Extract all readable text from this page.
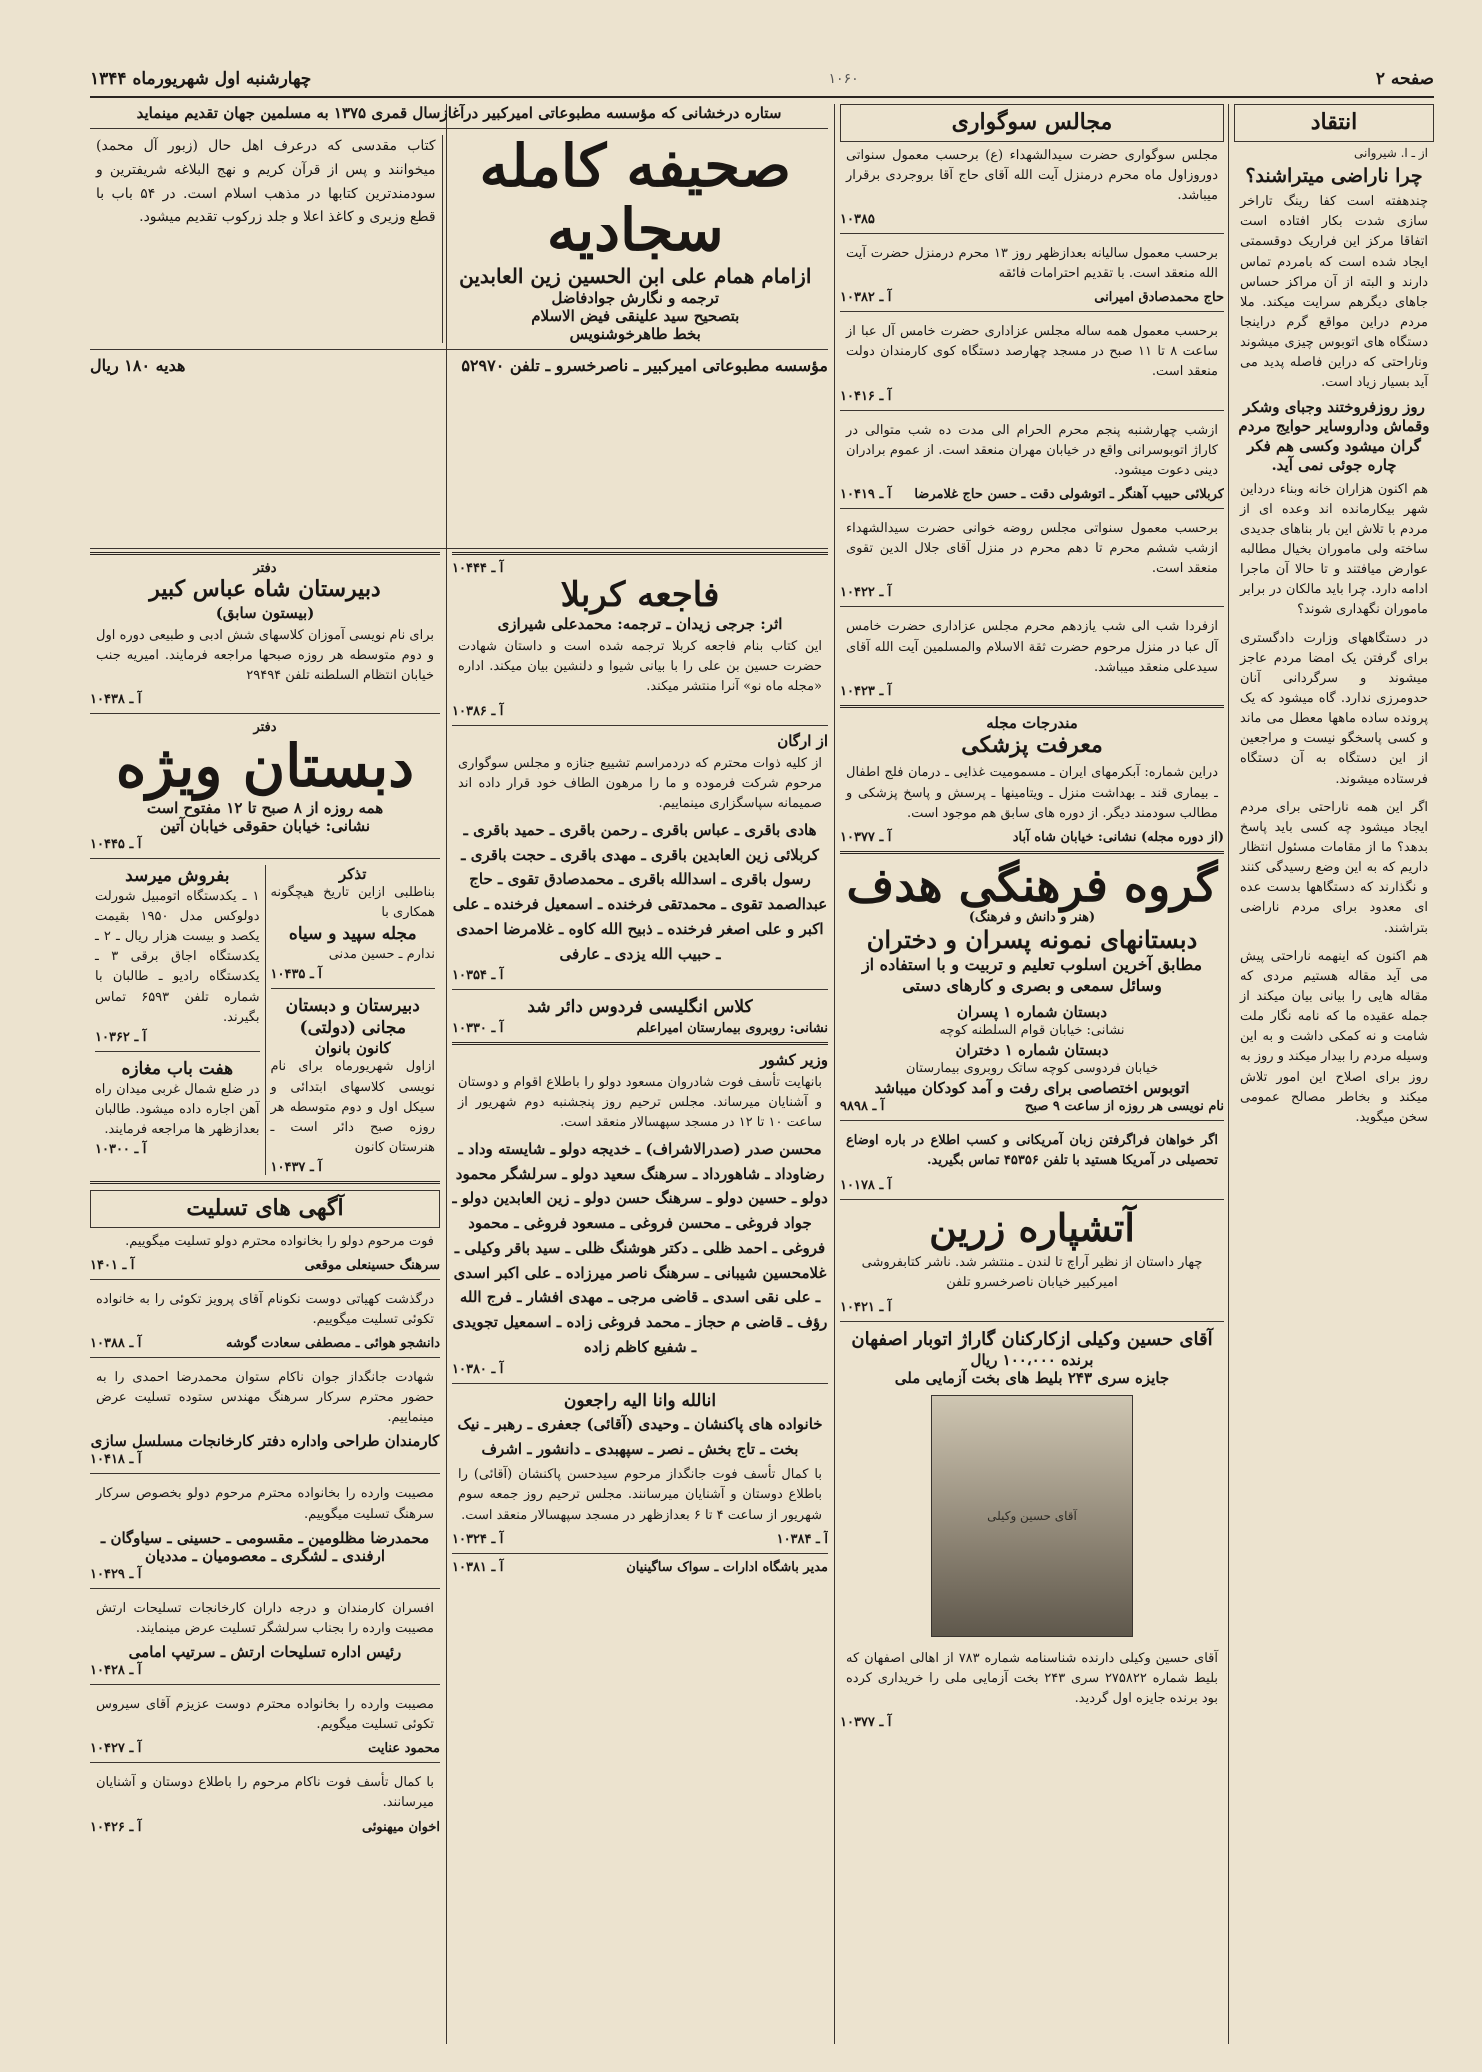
صفحه ۲
۱۰۶۰
چهارشنبه اول شهریورماه ۱۳۴۴
انتقاد
از ـ ا. شیروانی
چرا ناراضی میتراشند؟
چندهفته است کفا رینگ تاراخر سازی شدت بکار افتاده است اتفاقا مرکز این فراریک دوقسمتی ایجاد شده است که بامردم تماس دارند و البته از آن مراکز حساس جاهای دیگرهم سرایت میکند. ملا مردم دراین مواقع گرم دراینجا دستگاه های اتوبوس چیزی میشوند وناراحتی که دراین فاصله پدید می آید بسیار زیاد است.
روز روزفروختند وجبای وشکر وقماش وداروسایر حوایج مردم گران میشود وکسی هم فکر چاره جوئی نمی آید.
هم اکنون هزاران خانه وبناء درداین شهر بیکارمانده اند وعده ای از مردم با تلاش این بار بناهای جدیدی ساخته ولی ماموران بخیال مطالبه عوارض میافتند و تا حالا آن ماجرا ادامه دارد. چرا باید مالکان در برابر ماموران نگهداری شوند؟
در دستگاههای وزارت دادگستری برای گرفتن یک امضا مردم عاجز میشوند و سرگردانی آنان حدومرزی ندارد. گاه میشود که یک پرونده ساده ماهها معطل می ماند و کسی پاسخگو نیست و مراجعین از این دستگاه به آن دستگاه فرستاده میشوند.
اگر این همه ناراحتی برای مردم ایجاد میشود چه کسی باید پاسخ بدهد؟ ما از مقامات مسئول انتظار داریم که به این وضع رسیدگی کنند و نگذارند که دستگاهها بدست عده ای معدود برای مردم ناراضی بتراشند.
هم اکنون که اینهمه ناراحتی پیش می آید مقاله هستیم مردی که مقاله هایی را بیانی بیان میکند از جمله عقیده ما که نامه نگار ملت شامت و نه کمکی داشت و به این وسیله مردم را بیدار میکند و روز به روز برای اصلاح این امور تلاش میکند و بخاطر مصالح عمومی سخن میگوید.
مجالس سوگواری
مجلس سوگواری حضرت سیدالشهداء (ع) برحسب معمول سنواتی دوروزاول ماه محرم درمنزل آیت الله آقای حاج آقا بروجردی برقرار میباشد.
۱۰۳۸۵
برحسب معمول سالیانه بعدازظهر روز ۱۳ محرم درمنزل حضرت آیت الله منعقد است. با تقدیم احترامات فائقه
حاج محمدصادق امیرانی
آ ـ ۱۰۳۸۲
برحسب معمول همه ساله مجلس عزاداری حضرت خامس آل عبا از ساعت ۸ تا ۱۱ صبح در مسجد چهارصد دستگاه کوی کارمندان دولت منعقد است.
آ ـ ۱۰۴۱۶
ازشب چهارشنبه پنجم محرم الحرام الی مدت ده شب متوالی در کاراژ اتوبوسرانی واقع در خیابان مهران منعقد است. از عموم برادران دینی دعوت میشود.
کربلائی حبیب آهنگر ـ اتوشولی دقت ـ حسن حاج غلامرضا
آ ـ ۱۰۴۱۹
برحسب معمول سنواتی مجلس روضه خوانی حضرت سیدالشهداء ازشب ششم محرم تا دهم محرم در منزل آقای جلال الدین تقوی منعقد است.
آ ـ ۱۰۴۲۲
ازفردا شب الی شب یازدهم محرم مجلس عزاداری حضرت خامس آل عبا در منزل مرحوم حضرت ثقة الاسلام والمسلمین آیت الله آقای سیدعلی منعقد میباشد.
آ ـ ۱۰۴۲۳
مندرجات مجله
معرفت پزشکی
دراین شماره: آبکرمهای ایران ـ مسمومیت غذایی ـ درمان فلج اطفال ـ بیماری قند ـ بهداشت منزل ـ ویتامینها ـ پرسش و پاسخ پزشکی و مطالب سودمند دیگر. از دوره های سابق هم موجود است.
(از دوره مجله) نشانی: خیابان شاه آباد
آ ـ ۱۰۳۷۷
گروه فرهنگی هدف
(هنر و دانش و فرهنگ)
دبستانهای نمونه پسران و دختران
مطابق آخرین اسلوب تعلیم و تربیت و با استفاده از وسائل سمعی و بصری و کارهای دستی
دبستان شماره ۱ پسران
نشانی: خیابان قوام السلطنه کوچه
دبستان شماره ۱ دختران
خیابان فردوسی کوچه ساتک روبروی بیمارستان
اتوبوس اختصاصی برای رفت و آمد کودکان میباشد
نام نویسی هر روزه از ساعت ۹ صبح
آ ـ ۹۸۹۸
اگر خواهان فراگرفتن زبان آمریکانی و کسب اطلاع در باره اوضاع تحصیلی در آمریکا هستید با تلفن ۴۵۳۵۶ تماس بگیرید.
آ ـ ۱۰۱۷۸
آتشپاره زرین
چهار داستان از نظیر آراچ تا لندن ـ منتشر شد. ناشر کتابفروشی امیرکبیر خیابان ناصرخسرو تلفن
آ ـ ۱۰۴۲۱
آقای حسین وکیلی ازکارکنان گاراژ اتوبار اصفهان
برنده ۱۰۰،۰۰۰ ریال
جایزه سری ۲۴۳ بلیط های بخت آزمایی ملی
آقای حسین وکیلی
آقای حسین وکیلی دارنده شناسنامه شماره ۷۸۳ از اهالی اصفهان که بلیط شماره ۲۷۵۸۲۲ سری ۲۴۳ بخت آزمایی ملی را خریداری کرده بود برنده جایزه اول گردید.
آ ـ ۱۰۳۷۷
ستاره درخشانی که مؤسسه مطبوعاتی امیرکبیر درآغازسال قمری ۱۳۷۵ به مسلمین جهان تقدیم مینماید
صحیفه کامله سجادیه
ازامام همام علی ابن الحسین زین العابدین
ترجمه و نگارش جوادفاضل
بتصحیح سید علینقی فیض الاسلام
بخط طاهرخوشنویس
کتاب مقدسی که درعرف اهل حال (زبور آل محمد) میخوانند و پس از قرآن کریم و نهج البلاغه شریفترین و سودمندترین کتابها در مذهب اسلام است. در ۵۴ باب با قطع وزیری و کاغذ اعلا و جلد زرکوب تقدیم میشود.
مؤسسه مطبوعاتی امیرکبیر ـ ناصرخسرو ـ تلفن ۵۲۹۷۰
هدیه ۱۸۰ ریال
آ ـ ۱۰۴۴۴
فاجعه کربلا
اثر: جرجی زیدان ـ ترجمه: محمدعلی شیرازی
این کتاب بنام فاجعه کربلا ترجمه شده است و داستان شهادت حضرت حسین بن علی را با بیانی شیوا و دلنشین بیان میکند. اداره «مجله ماه نو» آنرا منتشر میکند.
آ ـ ۱۰۳۸۶
از ارگان
از کلیه ذوات محترم که دردمراسم تشییع جنازه و مجلس سوگواری مرحوم شرکت فرموده و ما را مرهون الطاف خود قرار داده اند صمیمانه سپاسگزاری مینماییم.
هادی باقری ـ عباس باقری ـ رحمن باقری ـ حمید باقری ـ کربلائی زین العابدین باقری ـ مهدی باقری ـ حجت باقری ـ رسول باقری ـ اسدالله باقری ـ محمدصادق تقوی ـ حاج عبدالصمد تقوی ـ محمدتقی فرخنده ـ اسمعیل فرخنده ـ علی اکبر و علی اصغر فرخنده ـ ذبیح الله کاوه ـ غلامرضا احمدی ـ حبیب الله یزدی ـ عارفی
آ ـ ۱۰۳۵۴
کلاس انگلیسی فردوس دائر شد
نشانی: روبروی بیمارستان امیراعلم
آ ـ ۱۰۳۳۰
وزیر کشور
بانهایت تأسف فوت شادروان مسعود دولو را باطلاع اقوام و دوستان و آشنایان میرساند. مجلس ترحیم روز پنجشنبه دوم شهریور از ساعت ۱۰ تا ۱۲ در مسجد سپهسالار منعقد است.
محسن صدر (صدرالاشراف) ـ خدیجه دولو ـ شایسته وداد ـ رضاوداد ـ شاهورداد ـ سرهنگ سعید دولو ـ سرلشگر محمود دولو ـ حسین دولو ـ سرهنگ حسن دولو ـ زین العابدین دولو ـ جواد فروغی ـ محسن فروغی ـ مسعود فروغی ـ محمود فروغی ـ احمد ظلی ـ دکتر هوشنگ ظلی ـ سید باقر وکیلی ـ غلامحسین شیبانی ـ سرهنگ ناصر میرزاده ـ علی اکبر اسدی ـ علی نقی اسدی ـ قاضی مرجی ـ مهدی افشار ـ فرج الله رؤف ـ قاضی م حجاز ـ محمد فروغی زاده ـ اسمعیل تجویدی ـ شفیع کاظم زاده
آ ـ ۱۰۳۸۰
انالله وانا الیه راجعون
خانواده های پاکنشان ـ وحیدی (آقائی) جعفری ـ رهبر ـ نیک بخت ـ تاج بخش ـ نصر ـ سپهبدی ـ دانشور ـ اشرف
با کمال تأسف فوت جانگداز مرحوم سیدحسن پاکنشان (آقائی) را باطلاع دوستان و آشنایان میرسانند. مجلس ترحیم روز جمعه سوم شهریور از ساعت ۴ تا ۶ بعدازظهر در مسجد سپهسالار منعقد است.
آ ـ ۱۰۳۸۴
آ ـ ۱۰۳۲۴
مدیر باشگاه ادارات ـ سواک ساگینیان
آ ـ ۱۰۳۸۱
دفتر
دبیرستان شاه عباس کبیر
(بیستون سابق)
برای نام نویسی آموزان کلاسهای شش ادبی و طبیعی دوره اول و دوم متوسطه هر روزه صبحها مراجعه فرمایند. امیریه جنب خیابان انتظام السلطنه تلفن ۲۹۴۹۴
آ ـ ۱۰۴۳۸
دفتر
دبستان ویژه
همه روزه از ۸ صبح تا ۱۲ مفتوح است
نشانی: خیابان حقوقی خیابان آتین
آ ـ ۱۰۴۴۵
تذکر
بناطلبی ازاین تاریخ هیچگونه همکاری با
مجله سپید و سیاه
ندارم ـ حسین مدنی
آ ـ ۱۰۴۳۵
دبیرستان و دبستان
مجانی (دولتی)
کانون بانوان
ازاول شهریورماه برای نام نویسی کلاسهای ابتدائی و سیکل اول و دوم متوسطه هر روزه صبح دائر است ـ هنرستان کانون
آ ـ ۱۰۴۳۷
بفروش میرسد
۱ ـ یکدستگاه اتومبیل شورلت دولوکس مدل ۱۹۵۰ بقیمت یکصد و بیست هزار ریال ـ ۲ ـ یکدستگاه اجاق برقی ۳ ـ یکدستگاه رادیو ـ طالبان با شماره تلفن ۶۵۹۳ تماس بگیرند.
آ ـ ۱۰۳۶۲
هفت باب مغازه
در ضلع شمال غربی میدان راه آهن اجاره داده میشود. طالبان بعدازظهر ها مراجعه فرمایند.
آ ـ ۱۰۳۰۰
آگهی های تسلیت
فوت مرحوم دولو را بخانواده محترم دولو تسلیت میگوییم.
سرهنگ حسینعلی موقعی
آ ـ ۱۴۰۱
درگذشت کهیاتی دوست نکونام آقای پرویز تکوئی را به خانواده تکوئی تسلیت میگوییم.
دانشجو هوائی ـ مصطفی سعادت گوشه
آ ـ ۱۰۳۸۸
شهادت جانگداز جوان ناکام ستوان محمدرضا احمدی را به حضور محترم سرکار سرهنگ مهندس ستوده تسلیت عرض مینماییم.
کارمندان طراحی واداره دفتر کارخانجات مسلسل سازی
آ ـ ۱۰۴۱۸
مصیبت وارده را بخانواده محترم مرحوم دولو بخصوص سرکار سرهنگ تسلیت میگوییم.
محمدرضا مظلومین ـ مقسومی ـ حسینی ـ سیاوگان ـ ارفندی ـ لشگری ـ معصومیان ـ مددیان
آ ـ ۱۰۴۲۹
افسران کارمندان و درجه داران کارخانجات تسلیحات ارتش مصیبت وارده را بجناب سرلشگر تسلیت عرض مینمایند.
رئیس اداره تسلیحات ارتش ـ سرتیپ امامی
آ ـ ۱۰۴۲۸
مصیبت وارده را بخانواده محترم دوست عزیزم آقای سیروس تکوئی تسلیت میگویم.
محمود عنایت
آ ـ ۱۰۴۲۷
با کمال تأسف فوت ناکام مرحوم را باطلاع دوستان و آشنایان میرسانند.
اخوان میهنوئی
آ ـ ۱۰۴۲۶
